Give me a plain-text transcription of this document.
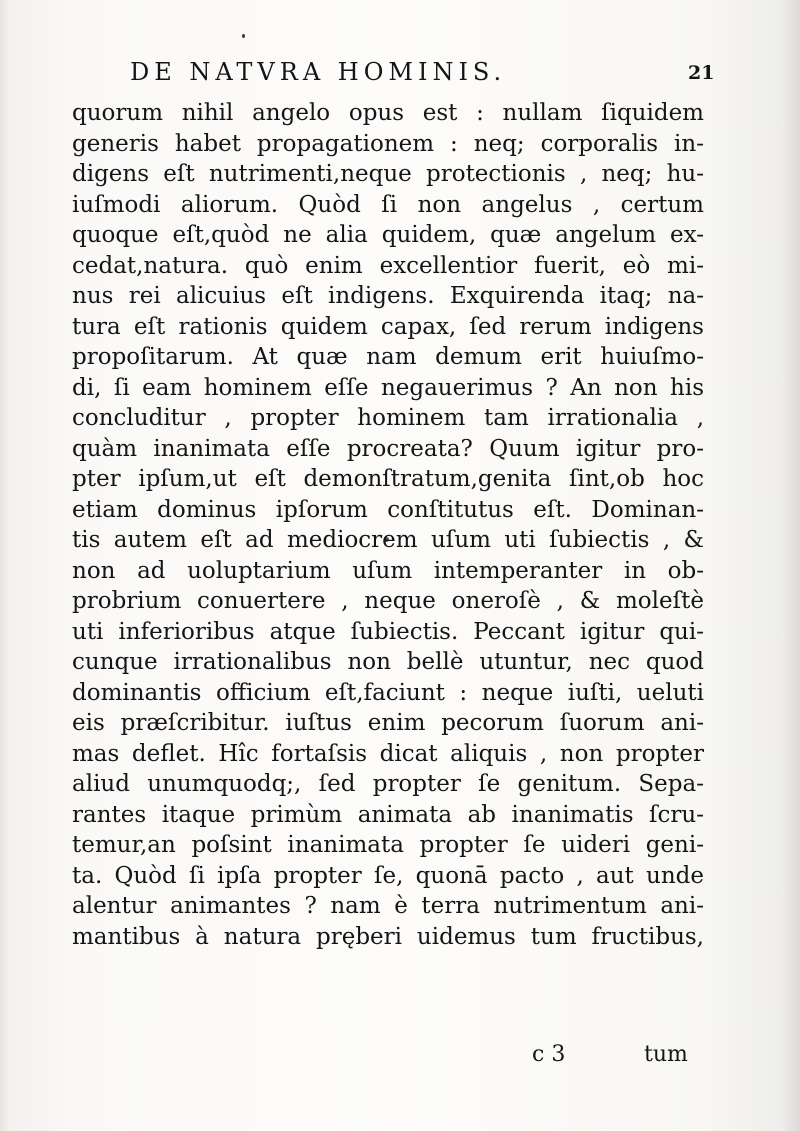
DE NATVRA HOMINIS.	21
quorum nihil angelo opus est : nullam ſiquidem
generis habet propagationem : neq; corporalis in-
digens eſt nutrimenti,neque protectionis , neq; hu-
iuſmodi aliorum. Quòd ſi non angelus , certum
quoque eſt,quòd ne alia quidem, quæ angelum ex-
cedat,natura. quò enim excellentior fuerit, eò mi-
nus rei alicuius eſt indigens. Exquirenda itaq; na-
tura eſt rationis quidem capax, ſed rerum indigens
propoſitarum. At quæ nam demum erit huiuſmo-
di, ſi eam hominem eſſe negauerimus ? An non his
concluditur , propter hominem tam irrationalia ,
quàm inanimata eſſe procreata? Quum igitur pro-
pter ipſum,ut eſt demonſtratum,genita ſint,ob hoc
etiam dominus ipſorum conſtitutus eſt. Dominan-
tis autem eſt ad mediocrem uſum uti ſubiectis , &
non ad uoluptarium uſum intemperanter in ob-
probrium conuertere , neque oneroſè , & moleſtè
uti inferioribus atque ſubiectis. Peccant igitur qui-
cunque irrationalibus non bellè utuntur, nec quod
dominantis officium eſt,faciunt : neque iuſti, ueluti
eis præſcribitur. iuſtus enim pecorum ſuorum ani-
mas deflet. Hîc fortaſsis dicat aliquis , non propter
aliud unumquodq;, ſed propter ſe genitum. Sepa-
rantes itaque primùm animata ab inanimatis ſcru-
temur,an poſsint inanimata propter ſe uideri geni-
ta. Quòd ſi ipſa propter ſe, quonā pacto , aut unde
alentur animantes ? nam è terra nutrimentum ani-
mantibus à natura pręberi uidemus tum fructibus,
c 3	tum
